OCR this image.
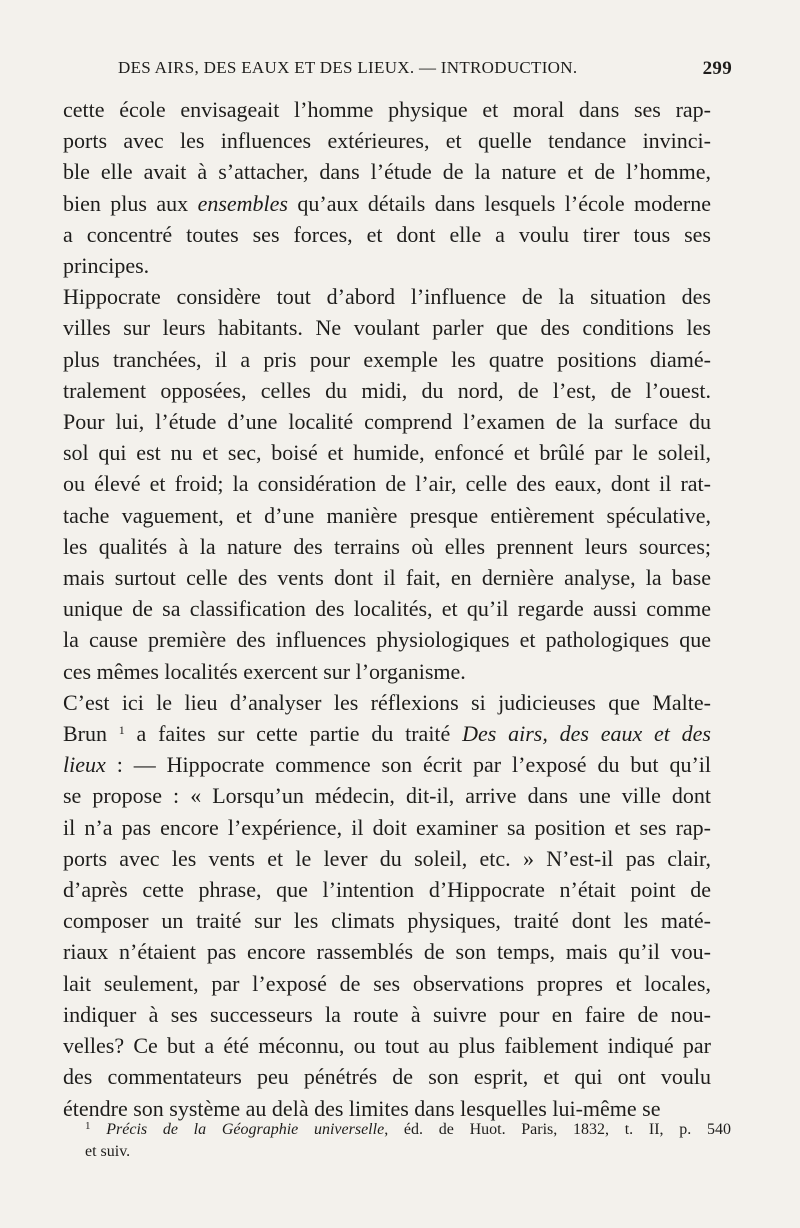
DES AIRS, DES EAUX ET DES LIEUX. — INTRODUCTION.	299
cette école envisageait l’homme physique et moral dans ses rap-
ports avec les influences extérieures, et quelle tendance invinci-
ble elle avait à s’attacher, dans l’étude de la nature et de l’homme,
bien plus aux ensembles qu’aux détails dans lesquels l’école moderne
a concentré toutes ses forces, et dont elle a voulu tirer tous ses
principes.
Hippocrate considère tout d’abord l’influence de la situation des
villes sur leurs habitants. Ne voulant parler que des conditions les
plus tranchées, il a pris pour exemple les quatre positions diamé-
tralement opposées, celles du midi, du nord, de l’est, de l’ouest.
Pour lui, l’étude d’une localité comprend l’examen de la surface du
sol qui est nu et sec, boisé et humide, enfoncé et brûlé par le soleil,
ou élevé et froid; la considération de l’air, celle des eaux, dont il rat-
tache vaguement, et d’une manière presque entièrement spéculative,
les qualités à la nature des terrains où elles prennent leurs sources;
mais surtout celle des vents dont il fait, en dernière analyse, la base
unique de sa classification des localités, et qu’il regarde aussi comme
la cause première des influences physiologiques et pathologiques que
ces mêmes localités exercent sur l’organisme.
C’est ici le lieu d’analyser les réflexions si judicieuses que Malte-
Brun $^1$ a faites sur cette partie du traité Des airs, des eaux et des
lieux : — Hippocrate commence son écrit par l’exposé du but qu’il
se propose : « Lorsqu’un médecin, dit-il, arrive dans une ville dont
il n’a pas encore l’expérience, il doit examiner sa position et ses rap-
ports avec les vents et le lever du soleil, etc. » N’est-il pas clair,
d’après cette phrase, que l’intention d’Hippocrate n’était point de
composer un traité sur les climats physiques, traité dont les maté-
riaux n’étaient pas encore rassemblés de son temps, mais qu’il vou-
lait seulement, par l’exposé de ses observations propres et locales,
indiquer à ses successeurs la route à suivre pour en faire de nou-
velles? Ce but a été méconnu, ou tout au plus faiblement indiqué par
des commentateurs peu pénétrés de son esprit, et qui ont voulu
étendre son système au delà des limites dans lesquelles lui-même se
$^1$ Précis de la Géographie universelle, éd. de Huot. Paris, 1832, t. II, p. 540
et suiv.
